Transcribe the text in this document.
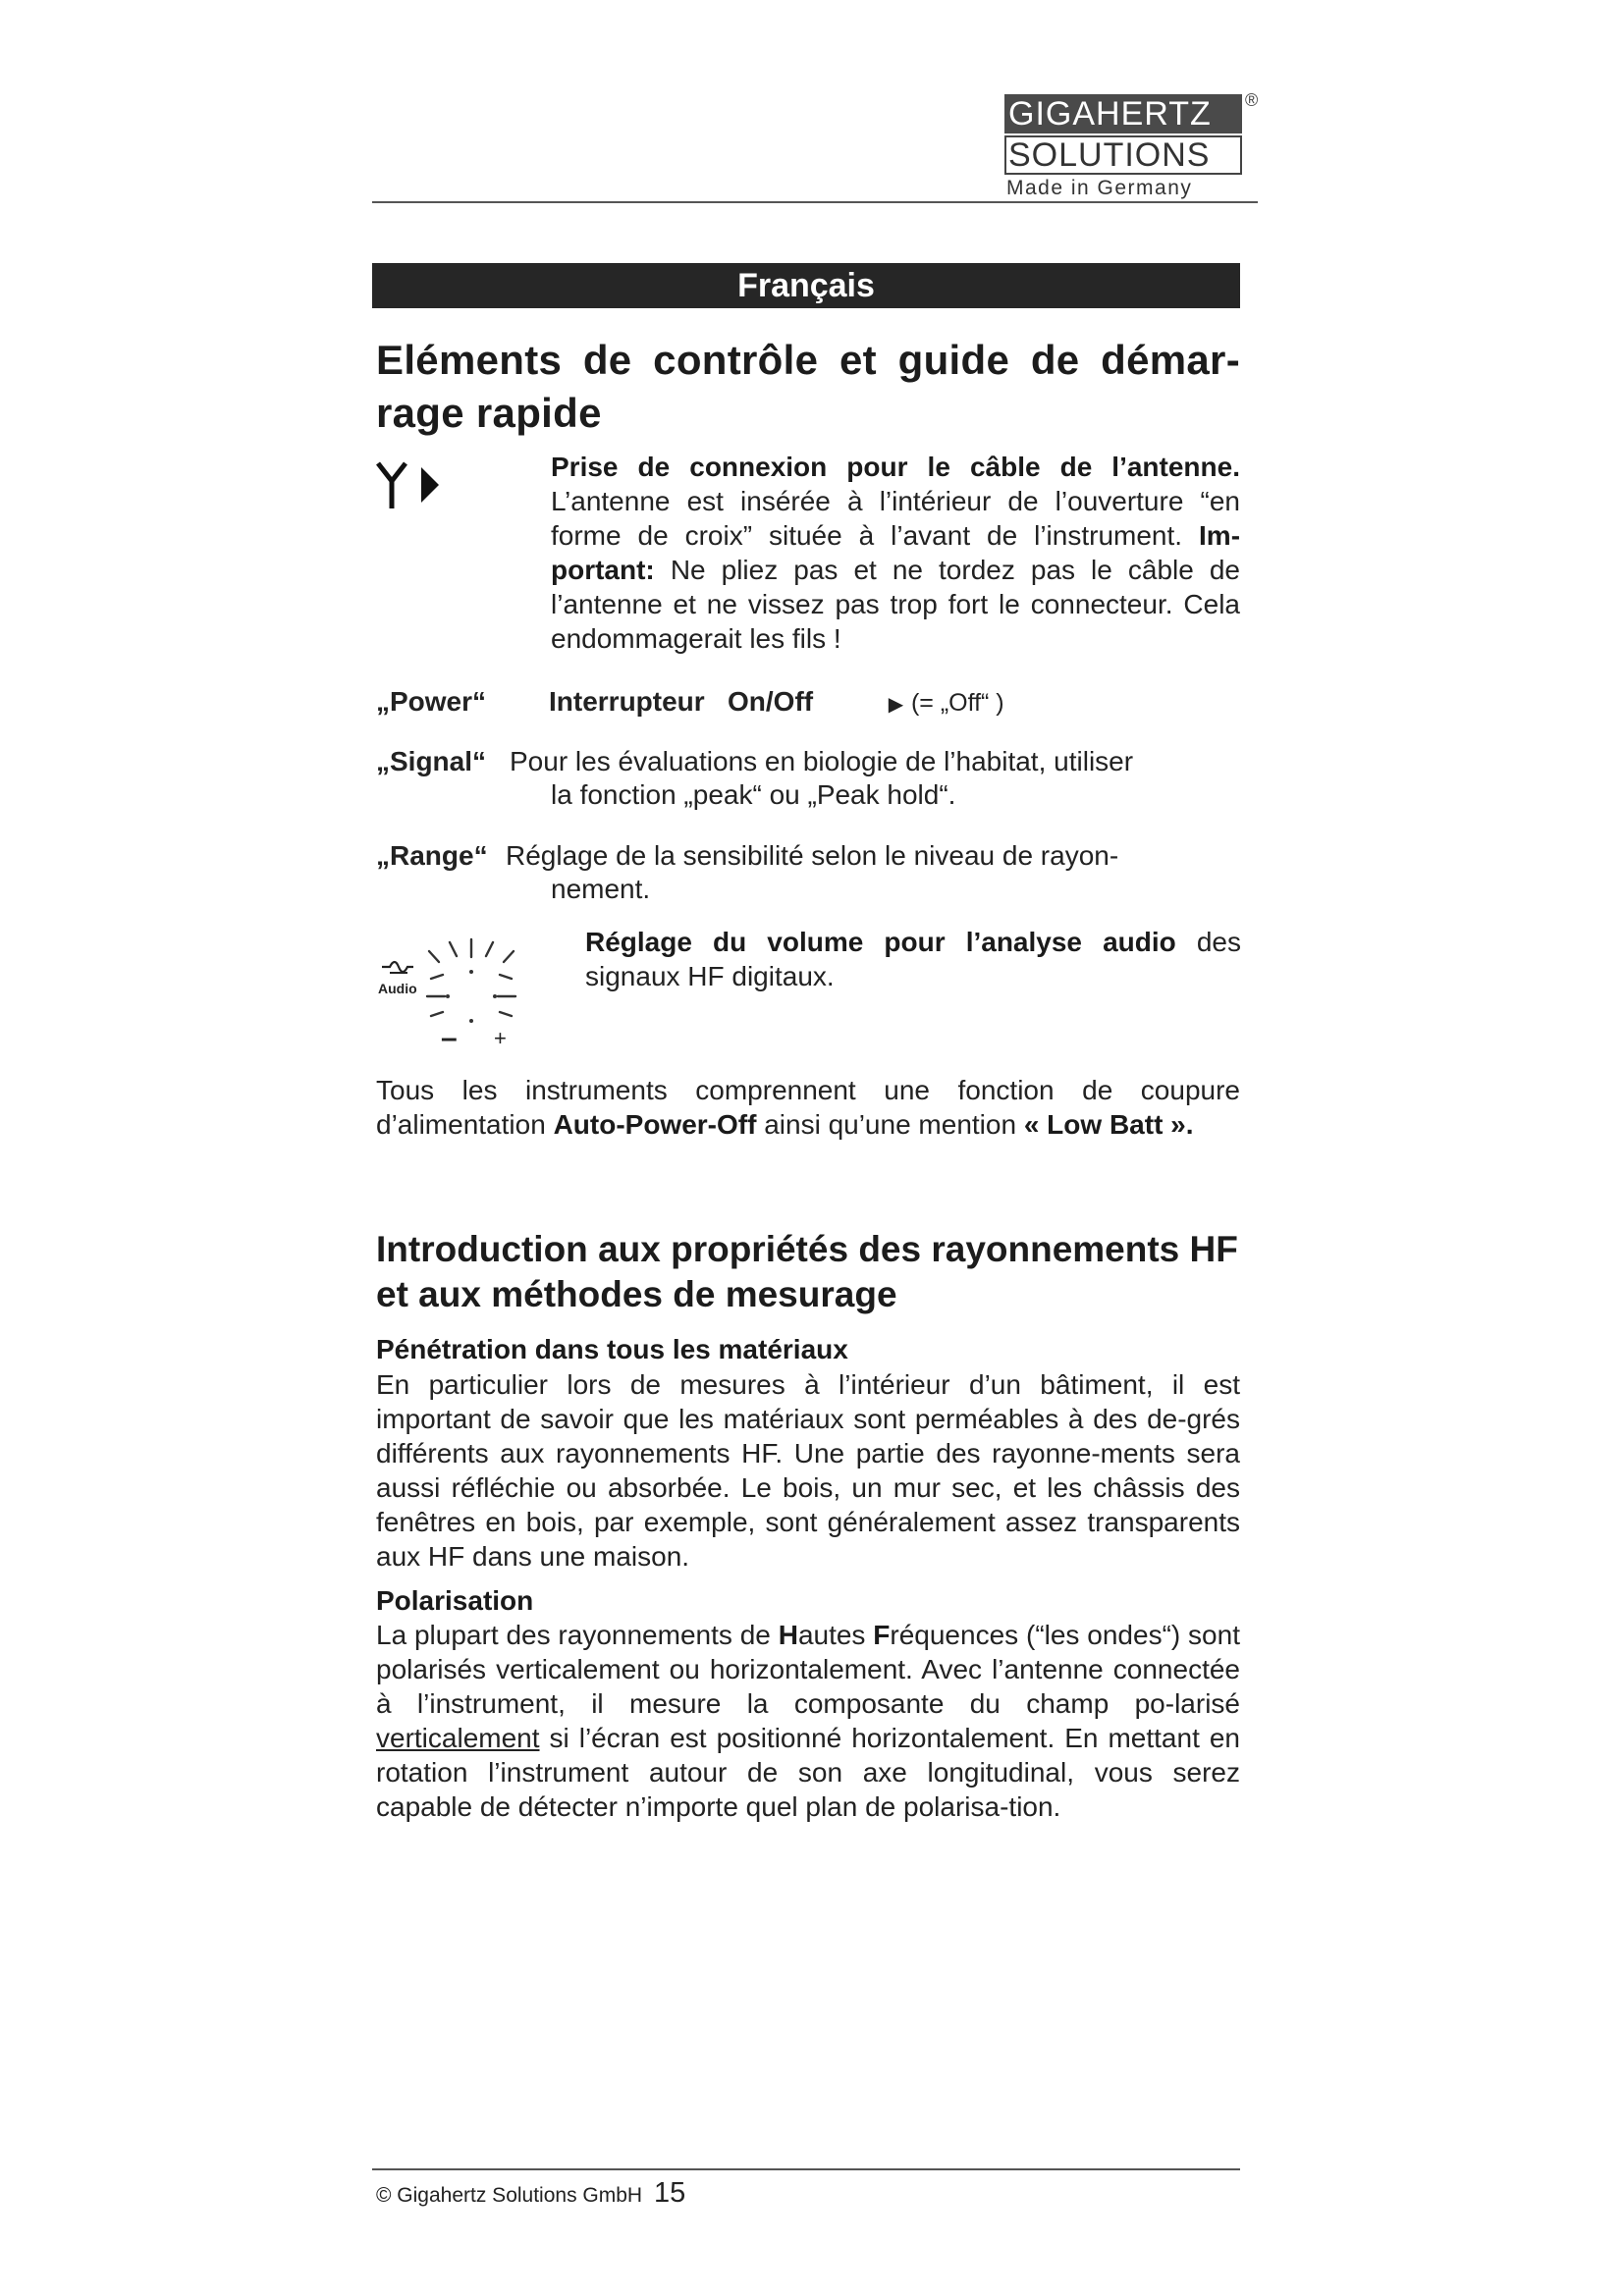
GIGAHERTZ
SOLUTIONS
®
Made in Germany
Français
Eléments de contrôle et guide de démar-rage rapide
Prise de connexion pour le câble de l’antenne. L’antenne est insérée à l’intérieur de l’ouverture “en forme de croix” située à l’avant de l’instrument. Im-portant: Ne pliez pas et ne tordez pas le câble de l’antenne et ne vissez pas trop fort le connecteur. Cela endommagerait les fils !
„Power“ Interrupteur   On/Off	▶ (= „Off“ )
„Signal“ Pour les évaluations en biologie de l’habitat, utiliser
la fonction „peak“ ou „Peak hold“.
„Range“ Réglage de la sensibilité selon le niveau de rayon-
nement.
Audio
– +
Réglage du volume pour l’analyse audio des signaux HF digitaux.
Tous les instruments comprennent une fonction de coupure d’alimentation Auto-Power-Off ainsi qu’une mention « Low Batt ».
Introduction aux propriétés des rayonnements HF et aux méthodes de mesurage
Pénétration dans tous les matériaux
En particulier lors de mesures à l’intérieur d’un bâtiment, il est important de savoir que les matériaux sont perméables à des de-grés différents aux rayonnements HF. Une partie des rayonne-ments sera aussi réfléchie ou absorbée. Le bois, un mur sec, et les châssis des fenêtres en bois, par exemple, sont généralement assez transparents aux HF dans une maison.
Polarisation
La plupart des rayonnements de Hautes Fréquences (“les ondes“) sont polarisés verticalement ou horizontalement. Avec l’antenne connectée à l’instrument, il mesure la composante du champ po-larisé verticalement si l’écran est positionné horizontalement. En mettant en rotation l’instrument autour de son axe longitudinal, vous serez capable de détecter n’importe quel plan de polarisa-tion.
© Gigahertz Solutions GmbH 15
